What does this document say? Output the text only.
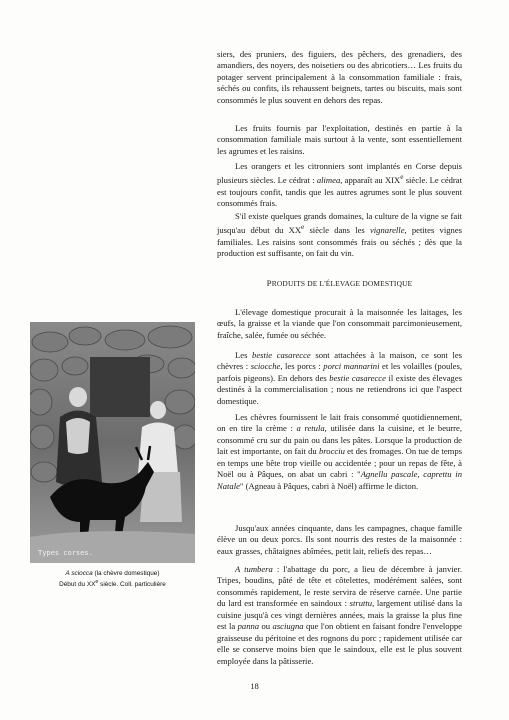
siers, des pruniers, des figuiers, des pêchers, des grenadiers, des amandiers, des noyers, des noisetiers ou des abricotiers… Les fruits du potager servent principalement à la consommation familiale : frais, séchés ou confits, ils rehaussent beignets, tartes ou biscuits, mais sont consommés le plus souvent en dehors des repas.

Les fruits fournis par l'exploitation, destinés en partie à la consommation familiale mais surtout à la vente, sont essentiellement les agrumes et les raisins.

Les orangers et les citronniers sont implantés en Corse depuis plusieurs siècles. Le cédrat : alimea, apparaît au XIXe siècle. Le cédrat est toujours confit, tandis que les autres agrumes sont le plus souvent consommés frais.

S'il existe quelques grands domaines, la culture de la vigne se fait jusqu'au début du XXe siècle dans les vignarelle, petites vignes familiales. Les raisins sont consommés frais ou séchés ; dès que la production est suffisante, on fait du vin.

PRODUITS DE L'ÉLEVAGE DOMESTIQUE

L'élevage domestique procurait à la maisonnée les laitages, les œufs, la graisse et la viande que l'on consommait parcimonieusement, fraîche, salée, fumée ou séchée.

Les bestie casarecce sont attachées à la maison, ce sont les chèvres : sciocche, les porcs : porci mannarini et les volailles (poules, parfois pigeons). En dehors des bestie casarecce il existe des élevages destinés à la commercialisation ; nous ne retiendrons ici que l'aspect domestique.

Les chèvres fournissent le lait frais consommé quotidiennement, on en tire la crème : a retula, utilisée dans la cuisine, et le beurre, consommé cru sur du pain ou dans les pâtes. Lorsque la production de lait est importante, on fait du brocciu et des fromages. On tue de temps en temps une bête trop vieille ou accidentée ; pour un repas de fête, à Noël ou à Pâques, on abat un cabri : "Agnellu pascale, caprettu in Natale" (Agneau à Pâques, cabri à Noël) affirme le dicton.

Jusqu'aux années cinquante, dans les campagnes, chaque famille élève un ou deux porcs. Ils sont nourris des restes de la maisonnée : eaux grasses, châtaignes abîmées, petit lait, reliefs des repas…

A tumbera : l'abattage du porc, a lieu de décembre à janvier. Tripes, boudins, pâté de tête et côtelettes, modérément salées, sont consommés rapidement, le reste servira de réserve carnée. Une partie du lard est transformée en saindoux : struttu, largement utilisé dans la cuisine jusqu'à ces vingt dernières années, mais la graisse la plus fine est la panna ou asciugna que l'on obtient en faisant fondre l'enveloppe graisseuse du péritoine et des rognons du porc ; rapidement utilisée car elle se conserve moins bien que le saindoux, elle est le plus souvent employée dans la pâtisserie.

Types corses.
A sciocca (la chèvre domestique)
Début du XXe siècle. Coll. particulière
18
